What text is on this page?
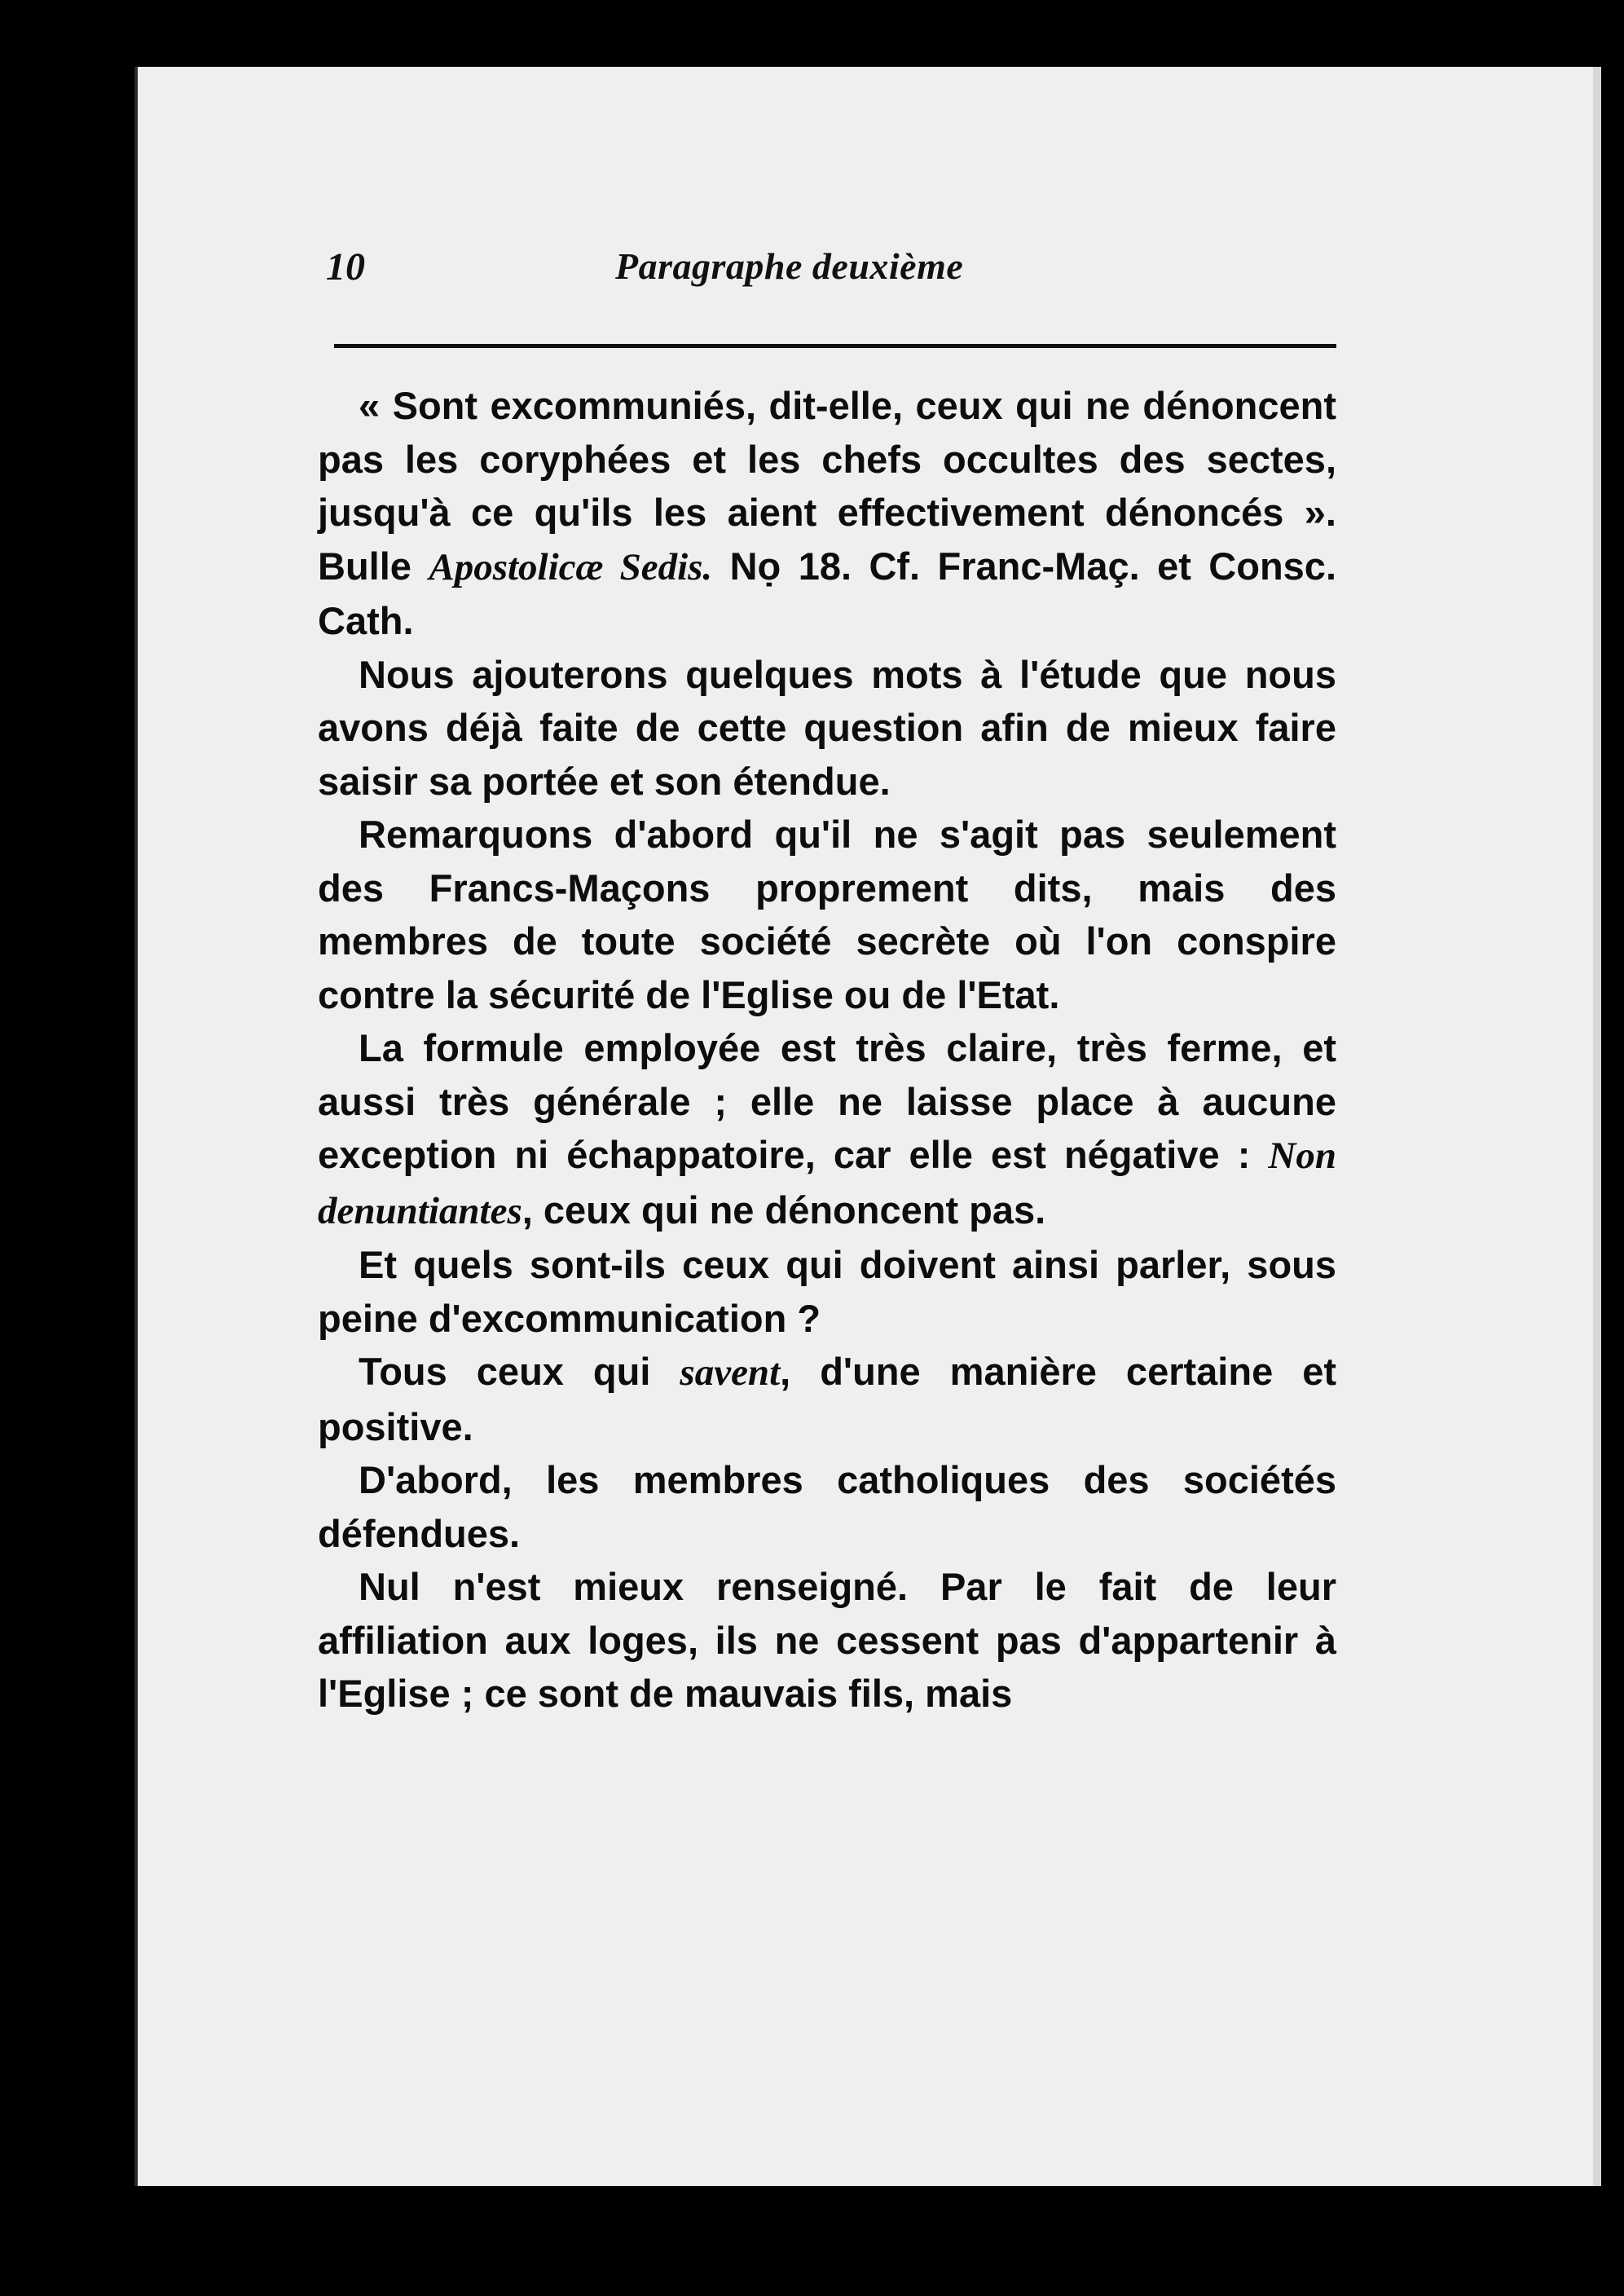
10	Paragraphe deuxième

« Sont excommuniés, dit-elle, ceux qui ne dénoncent pas les coryphées et les chefs occultes des sectes, jusqu'à ce qu'ils les aient effectivement dénoncés ». Bulle Apostolicæ Sedis. Nọ 18. Cf. Franc-Maç. et Consc. Cath.

Nous ajouterons quelques mots à l'étude que nous avons déjà faite de cette question afin de mieux faire saisir sa portée et son étendue.

Remarquons d'abord qu'il ne s'agit pas seulement des Francs-Maçons proprement dits, mais des membres de toute société secrète où l'on conspire contre la sécurité de l'Eglise ou de l'Etat.

La formule employée est très claire, très ferme, et aussi très générale ; elle ne laisse place à aucune exception ni échappatoire, car elle est négative : Non denuntiantes, ceux qui ne dénoncent pas.

Et quels sont-ils ceux qui doivent ainsi parler, sous peine d'excommunication ?

Tous ceux qui savent, d'une manière certaine et positive.

D'abord, les membres catholiques des sociétés défendues.

Nul n'est mieux renseigné. Par le fait de leur affiliation aux loges, ils ne cessent pas d'appartenir à l'Eglise ; ce sont de mauvais fils, mais
